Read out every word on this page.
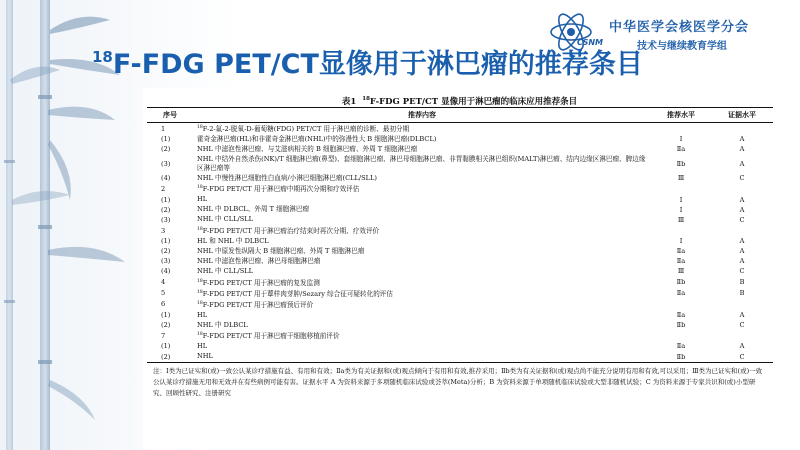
中华医学会核医学分会
CSNM	技术与继续教育学组
$^{18}$F-FDG PET/CT显像用于淋巴瘤的推荐条目
表1 $^{18}$F-FDG PET/CT 显像用于淋巴瘤的临床应用推荐条目
序号	推荐内容	推荐水平	证据水平
1	$^{18}$F-2-氟-2-脱氧-D-葡萄糖(FDG) PET/CT 用于淋巴瘤的诊断、最初分期		
(1)	霍奇金淋巴瘤(HL)和非霍奇金淋巴瘤(NHL)中的弥漫性大 B 细胞淋巴瘤(DLBCL)	Ⅰ	A
(2)	NHL 中滤泡性淋巴瘤、与艾滋病相关的 B 细胞淋巴瘤、外周 T 细胞淋巴瘤	Ⅱa	A
(3)	NHL 中结外自然杀伤(NK)/T 细胞淋巴瘤(鼻型)、套细胞淋巴瘤、淋巴母细胞淋巴瘤、非胃黏膜相关淋巴组织(MALT)淋巴瘤、结内边缘区淋巴瘤、脾边缘区淋巴瘤等	Ⅱb	A
(4)	NHL 中慢性淋巴细胞性白血病/小淋巴细胞淋巴瘤(CLL/SLL)	Ⅲ	C
2	$^{18}$F-FDG PET/CT 用于淋巴瘤中期再次分期和疗效评估		
(1)	HL	Ⅰ	A
(2)	NHL 中 DLBCL、外周 T 细胞淋巴瘤	Ⅰ	A
(3)	NHL 中 CLL/SLL	Ⅲ	C
3	$^{18}$F-FDG PET/CT 用于淋巴瘤治疗结束时再次分期、疗效评价		
(1)	HL 和 NHL 中 DLBCL	Ⅰ	A
(2)	NHL 中原发性纵隔大 B 细胞淋巴瘤、外周 T 细胞淋巴瘤	Ⅱa	A
(3)	NHL 中滤泡性淋巴瘤、淋巴母细胞淋巴瘤	Ⅱa	A
(4)	NHL 中 CLL/SLL	Ⅲ	C
4	$^{18}$F-FDG PET/CT 用于淋巴瘤的复发监测	Ⅱb	B
5	$^{18}$F-FDG PET/CT 用于蕈样肉芽肿/Sezary 综合征可疑转化的评估	Ⅱa	B
6	$^{18}$F-FDG PET/CT 用于淋巴瘤预后评价		
(1)	HL	Ⅱa	A
(2)	NHL 中 DLBCL	Ⅱb	C
7	$^{18}$F-FDG PET/CT 用于淋巴瘤干细胞移植前评价		
(1)	HL	Ⅱa	A
(2)	NHL	Ⅱb	C
注：Ⅰ类为已证实和(或)一致公认某诊疗措施有益、有用和有效；Ⅱa类为有关证据和(或)观点倾向于有用和有效,推荐采用；Ⅱb类为有关证据和(或)观点尚不能充分说明有用和有效,可以采用；Ⅲ类为已证实和(或)一致公认某诊疗措施无用和无效并在有些病例可能有害。证据水平 A 为资料来源于多项随机临床试验或荟萃(Meta)分析；B 为资料来源于单项随机临床试验或大型非随机试验；C 为资料来源于专家共识和(或)小型研究、回顾性研究、注册研究
